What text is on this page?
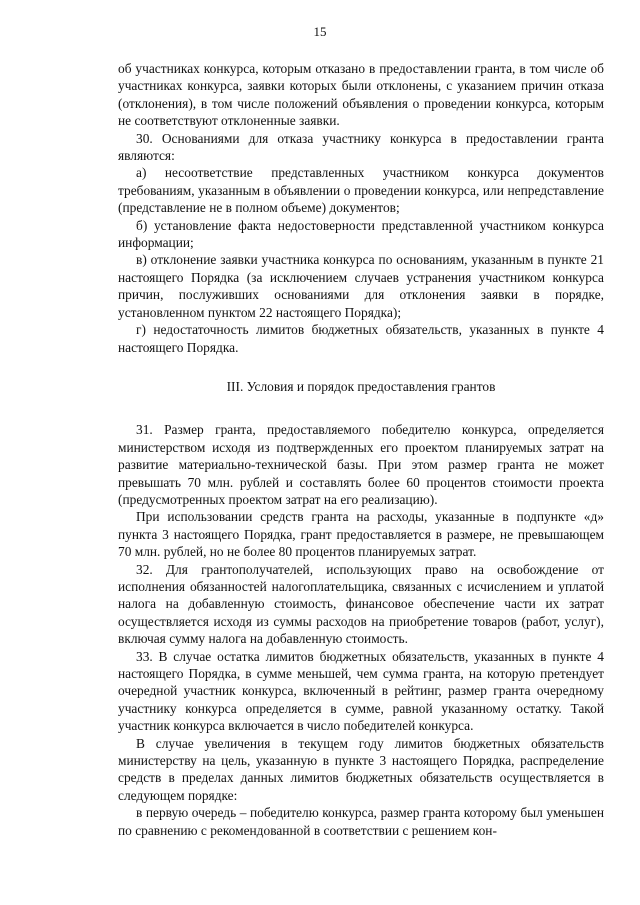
15

об участниках конкурса, которым отказано в предоставлении гранта, в том числе об участниках конкурса, заявки которых были отклонены, с указанием причин отказа (отклонения), в том числе положений объявления о проведении конкурса, которым не соответствуют отклоненные заявки.

30. Основаниями для отказа участнику конкурса в предоставлении гранта являются:

а) несоответствие представленных участником конкурса документов требованиям, указанным в объявлении о проведении конкурса, или непредставление (представление не в полном объеме) документов;

б) установление факта недостоверности представленной участником конкурса информации;

в) отклонение заявки участника конкурса по основаниям, указанным в пункте 21 настоящего Порядка (за исключением случаев устранения участником конкурса причин, послуживших основаниями для отклонения заявки в порядке, установленном пунктом 22 настоящего Порядка);

г) недостаточность лимитов бюджетных обязательств, указанных в пункте 4 настоящего Порядка.

III. Условия и порядок предоставления грантов

31. Размер гранта, предоставляемого победителю конкурса, определяется министерством исходя из подтвержденных его проектом планируемых затрат на развитие материально-технической базы. При этом размер гранта не может превышать 70 млн. рублей и составлять более 60 процентов стоимости проекта (предусмотренных проектом затрат на его реализацию).

При использовании средств гранта на расходы, указанные в подпункте «д» пункта 3 настоящего Порядка, грант предоставляется в размере, не превышающем 70 млн. рублей, но не более 80 процентов планируемых затрат.

32. Для грантополучателей, использующих право на освобождение от исполнения обязанностей налогоплательщика, связанных с исчислением и уплатой налога на добавленную стоимость, финансовое обеспечение части их затрат осуществляется исходя из суммы расходов на приобретение товаров (работ, услуг), включая сумму налога на добавленную стоимость.

33. В случае остатка лимитов бюджетных обязательств, указанных в пункте 4 настоящего Порядка, в сумме меньшей, чем сумма гранта, на которую претендует очередной участник конкурса, включенный в рейтинг, размер гранта очередному участнику конкурса определяется в сумме, равной указанному остатку. Такой участник конкурса включается в число победителей конкурса.

В случае увеличения в текущем году лимитов бюджетных обязательств министерству на цель, указанную в пункте 3 настоящего Порядка, распределение средств в пределах данных лимитов бюджетных обязательств осуществляется в следующем порядке:

в первую очередь – победителю конкурса, размер гранта которому был уменьшен по сравнению с рекомендованной в соответствии с решением кон-
